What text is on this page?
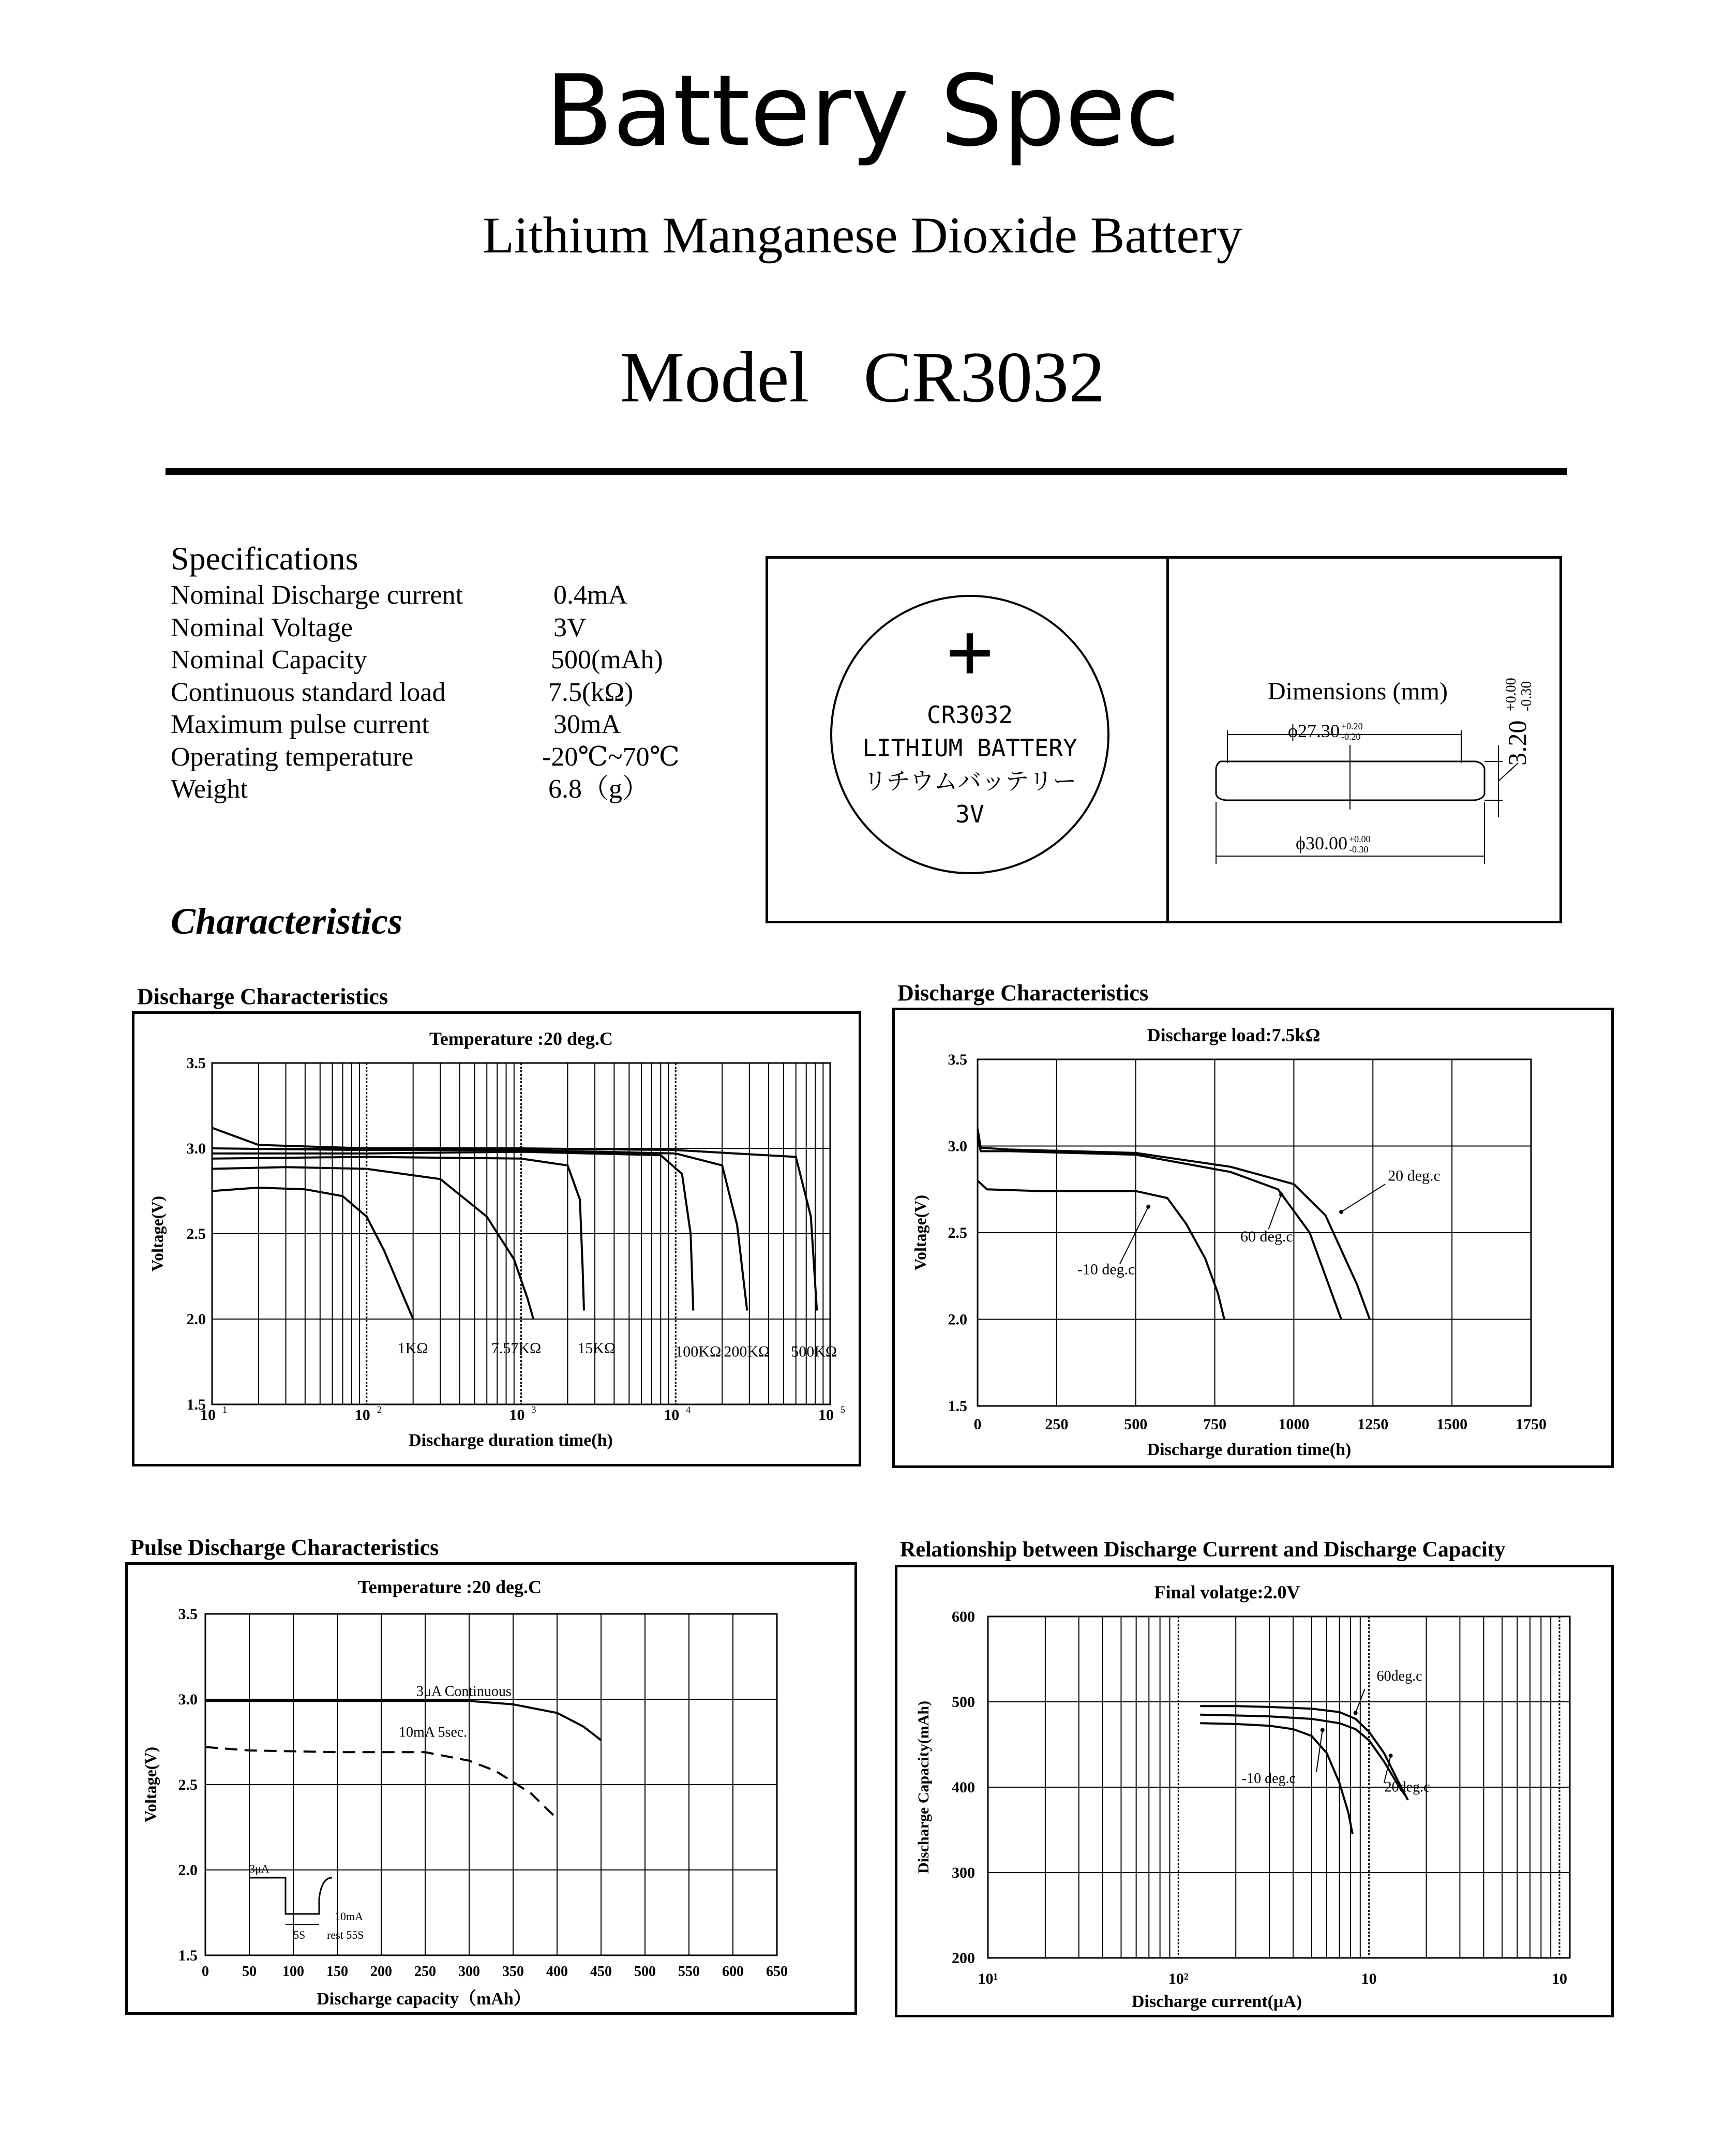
Battery Spec
Lithium Manganese Dioxide Battery
Model   CR3032
Specifications
Nominal Discharge current	0.4mA
Nominal Voltage	3V
Nominal Capacity	500(mAh)
Continuous standard load	7.5(kΩ)
Maximum pulse current	30mA
Operating temperature	-20℃~70℃
Weight	6.8（g）
+
CR3032
LITHIUM BATTERY
リチウムバッテリー
3V
Dimensions (mm)
ϕ27.30 +0.20
-0.20
ϕ30.00 +0.00
-0.30
3.20
+0.00 -0.30
Characteristics
Discharge Characteristics
1.5
2.0
2.5
3.0
3.5
10 1	10 2	10 3	10 4	10 5
Temperature :20 deg.C
Discharge duration time(h)
Voltage(V)
1KΩ	7.57KΩ 15KΩ	100KΩ 200KΩ 500KΩ
Discharge Characteristics
1.5
2.0
2.5
3.0
3.5
0	250	500	750	1000	1250	1500	1750
Discharge load:7.5kΩ
Discharge duration time(h)
Voltage(V)
20 deg.c
60 deg.c
-10 deg.c
Pulse Discharge Characteristics
1.5
2.0
2.5
3.0
3.5
0 50 100 150 200 250 300 350 400 450 500 550 600 650
Temperature :20 deg.C
Discharge capacity（mAh）
Voltage(V)
3μA Continuous
10mA 5sec.
3μA
10mA
5S rest 55S
Relationship between Discharge Current and Discharge Capacity
200
300
400
500
600
10¹	10²	10	10
Final volatge:2.0V
Discharge current(μA)
Discharge Capacity(mAh)
60deg.c
-10 deg.c
20deg.c
